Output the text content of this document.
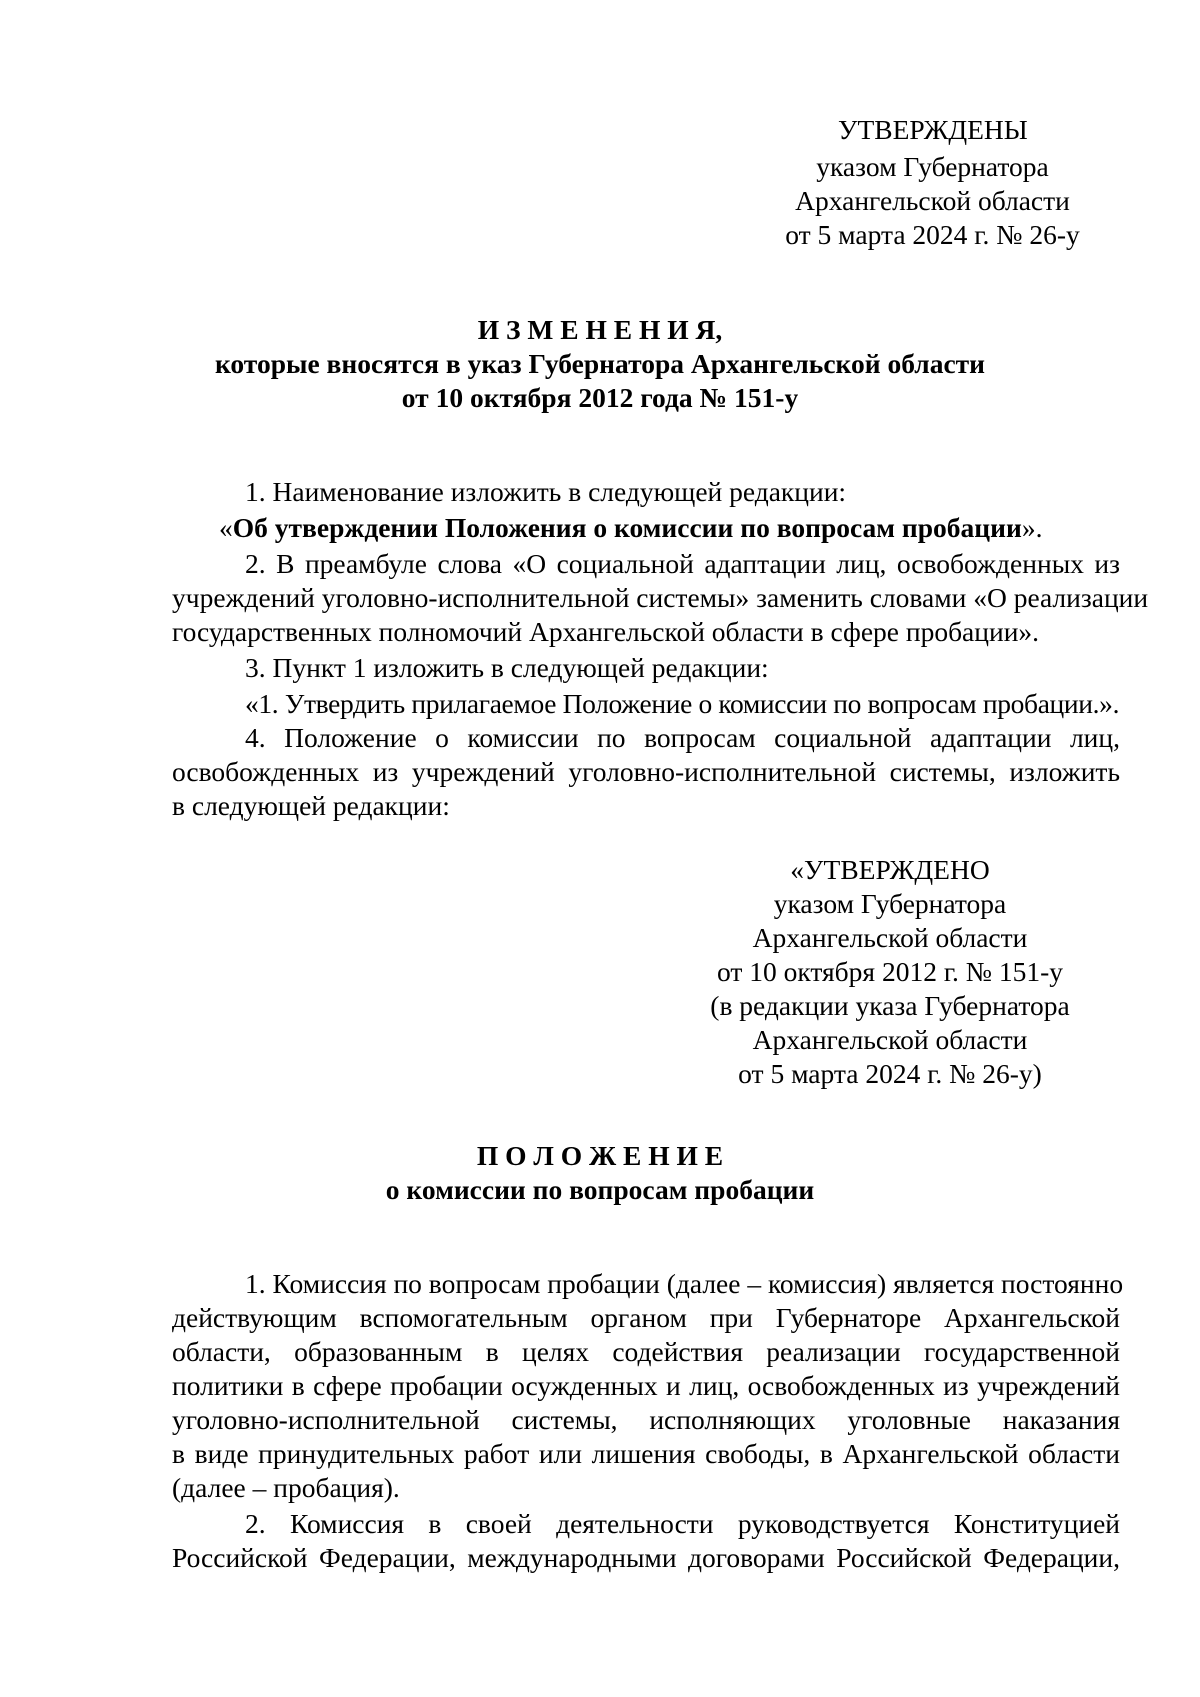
УТВЕРЖДЕНЫ
указом Губернатора
Архангельской области
от 5 марта 2024 г. № 26-у
И З М Е Н Е Н И Я,
которые вносятся в указ Губернатора Архангельской области
от 10 октября 2012 года № 151-у
1. Наименование изложить в следующей редакции:
«Об утверждении Положения о комиссии по вопросам пробации».
2. В преамбуле слова «О социальной адаптации лиц, освобожденных из
учреждений уголовно-исполнительной системы» заменить словами «О реализации
государственных полномочий Архангельской области в сфере пробации».
3. Пункт 1 изложить в следующей редакции:
«1. Утвердить прилагаемое Положение о комиссии по вопросам пробации.».
4. Положение о комиссии по вопросам социальной адаптации лиц,
освобожденных из учреждений уголовно-исполнительной системы, изложить
в следующей редакции:
«УТВЕРЖДЕНО
указом Губернатора
Архангельской области
от 10 октября 2012 г. № 151-у
(в редакции указа Губернатора
Архангельской области
от 5 марта 2024 г. № 26-у)
П О Л О Ж Е Н И Е
о комиссии по вопросам пробации
1. Комиссия по вопросам пробации (далее – комиссия) является постоянно
действующим вспомогательным органом при Губернаторе Архангельской
области, образованным в целях содействия реализации государственной
политики в сфере пробации осужденных и лиц, освобожденных из учреждений
уголовно-исполнительной системы, исполняющих уголовные наказания
в виде принудительных работ или лишения свободы, в Архангельской области
(далее – пробация).
2. Комиссия в своей деятельности руководствуется Конституцией
Российской Федерации, международными договорами Российской Федерации,
